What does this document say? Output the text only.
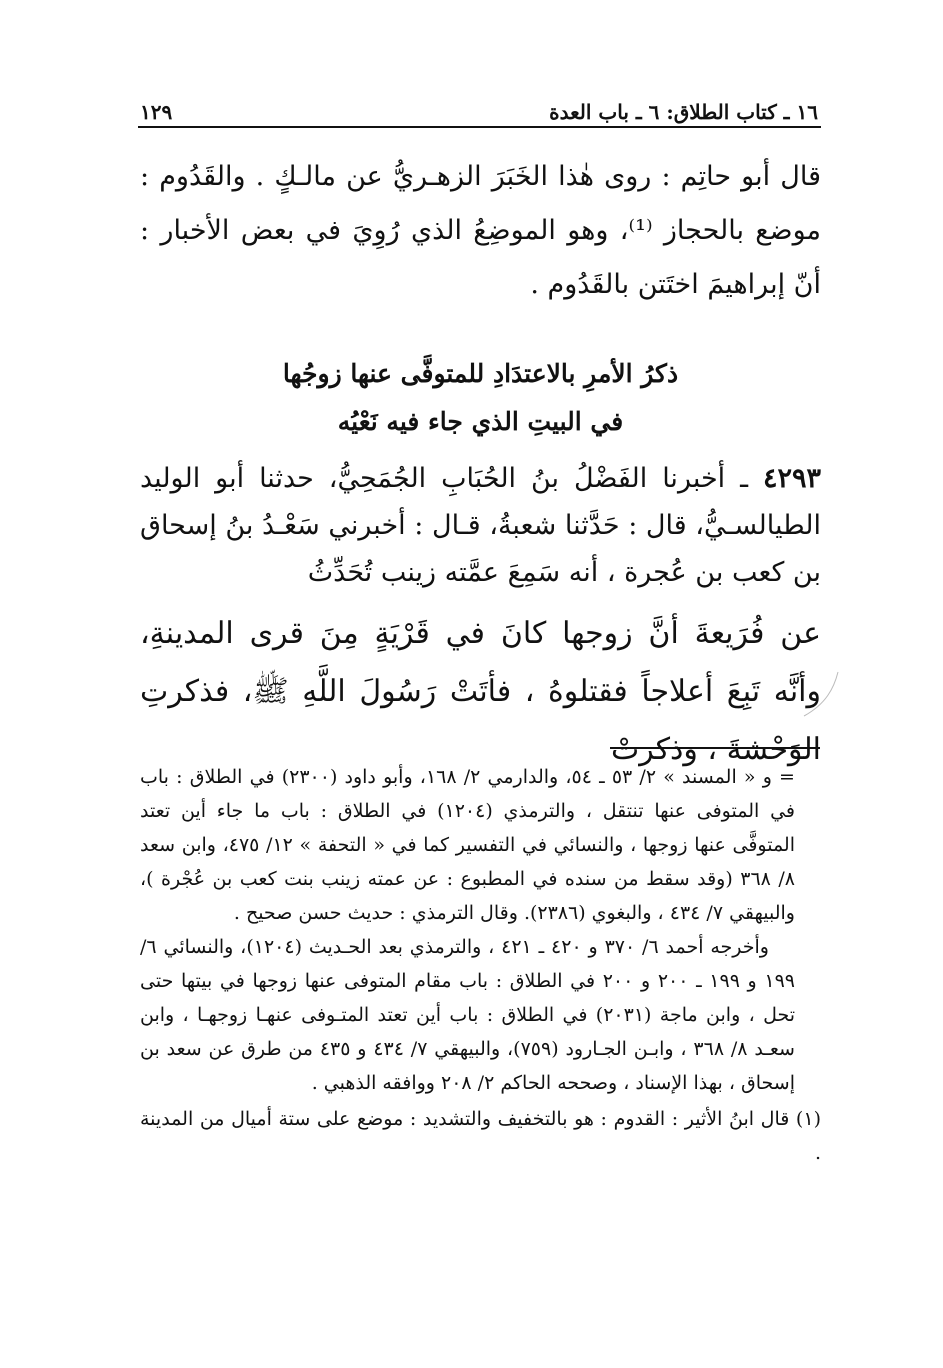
١٦ ـ كتاب الطلاق: ٦ ـ باب العدة
١٢٩

قال أبو حاتِم : روى هٰذا الخَبَرَ الزهـريُّ عن مالـكٍ . والقَدُوم : موضع بالحجاز ⁽¹⁾، وهو الموضِعُ الذي رُوِيَ في بعض الأخبار : أنّ إبراهيمَ اختَتن بالقَدُوم .

ذكرُ الأمرِ بالاعتدَادِ للمتوفَّى عنها زوجُها
في البيتِ الذي جاء فيه نَعْيُه

٤٢٩٣ ـ أخبرنا الفَضْلُ بنُ الحُبَابِ الجُمَحِيُّ، حدثنا أبو الوليد الطيالسـيُّ، قال : حَدَّثنا شعبةُ، قـال : أخبرني سَعْـدُ بنُ إسحاق بن كعب بن عُجرة ، أنه سَمِعَ عمَّته زينب تُحَدِّثُ

عن فُرَيعةَ أنَّ زوجها كانَ في قَرْيَةٍ مِنَ قرى المدينةِ، وأنَّه تَبِعَ أعلاجاً فقتلوهُ ، فأتَتْ رَسُولَ اللَّهِ ﷺ، فذكرتِ الوَحْشةَ ، وذكرتْ

= و « المسند » ٢/ ٥٣ ـ ٥٤، والدارمي ٢/ ١٦٨، وأبو داود (٢٣٠٠) في الطلاق : باب في المتوفى عنها تنتقل ، والترمذي (١٢٠٤) في الطلاق : باب ما جاء أين تعتد المتوفَّى عنها زوجها ، والنسائي في التفسير كما في « التحفة » ١٢/ ٤٧٥، وابن سعد ٨/ ٣٦٨ (وقد سقط من سنده في المطبوع : عن عمته زينب بنت كعب بن عُجْرة )، والبيهقي ٧/ ٤٣٤ ، والبغوي (٢٣٨٦). وقال الترمذي : حديث حسن صحيح .

وأخرجه أحمد ٦/ ٣٧٠ و ٤٢٠ ـ ٤٢١ ، والترمذي بعد الحـديث (١٢٠٤)، والنسائي ٦/ ١٩٩ و ١٩٩ ـ ٢٠٠ و ٢٠٠ في الطلاق : باب مقام المتوفى عنها زوجها في بيتها حتى تحل ، وابن ماجة (٢٠٣١) في الطلاق : باب أين تعتد المتـوفى عنهـا زوجهـا ، وابن سعـد ٨/ ٣٦٨ ، وابـن الجـارود (٧٥٩)، والبيهقي ٧/ ٤٣٤ و ٤٣٥ من طرق عن سعد بن إسحاق ، بهذا الإسناد ، وصححه الحاكم ٢/ ٢٠٨ ووافقه الذهبي .

(١) قال ابنُ الأثير : القدوم : هو بالتخفيف والتشديد : موضع على ستة أميال من المدينة .
